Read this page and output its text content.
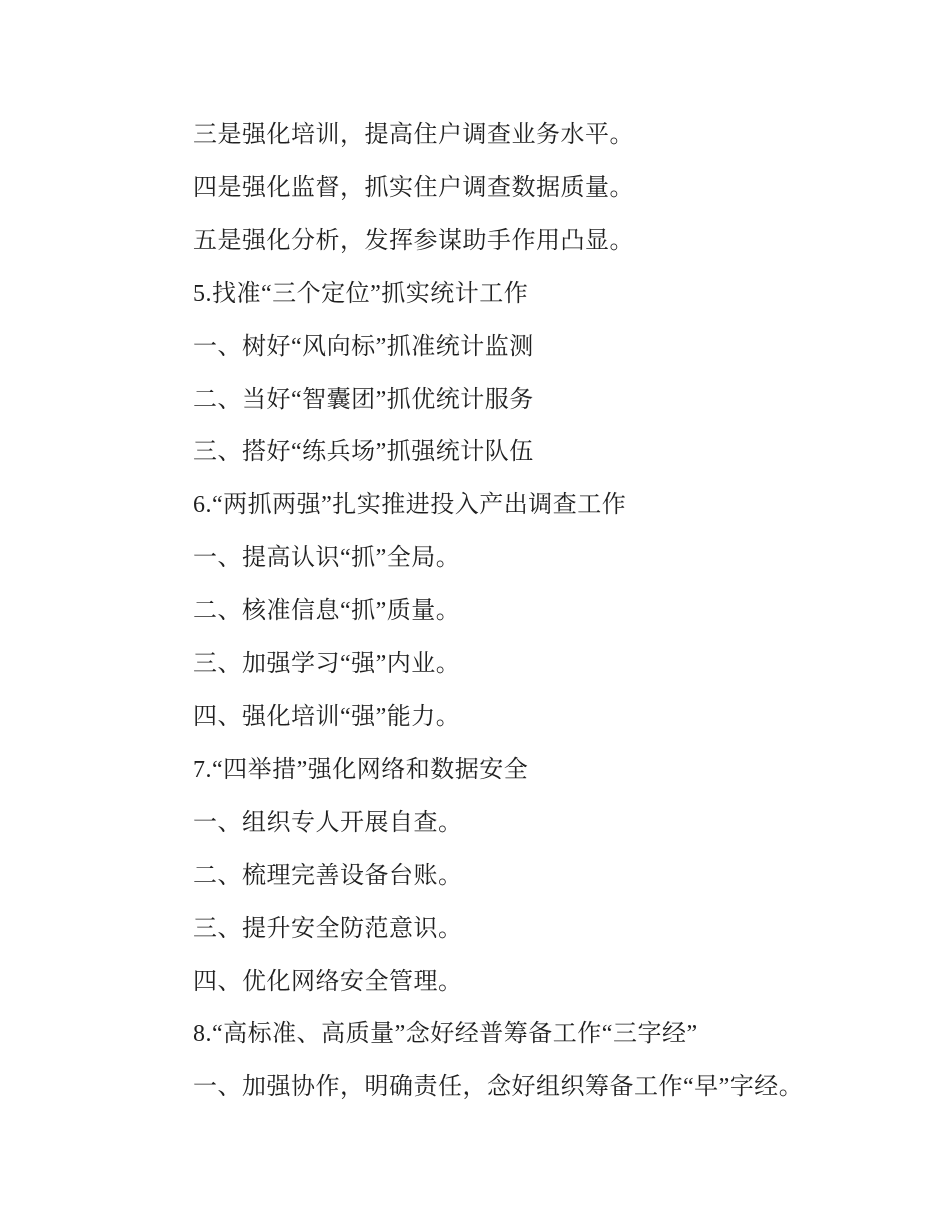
三是强化培训，提高住户调查业务水平。

四是强化监督，抓实住户调查数据质量。

五是强化分析，发挥参谋助手作用凸显。

5.找准“三个定位”抓实统计工作

一、树好“风向标”抓准统计监测

二、当好“智囊团”抓优统计服务

三、搭好“练兵场”抓强统计队伍

6.“两抓两强”扎实推进投入产出调查工作

一、提高认识“抓”全局。

二、核准信息“抓”质量。

三、加强学习“强”内业。

四、强化培训“强”能力。

7.“四举措”强化网络和数据安全

一、组织专人开展自查。

二、梳理完善设备台账。

三、提升安全防范意识。

四、优化网络安全管理。

8.“高标准、高质量”念好经普筹备工作“三字经”

一、加强协作，明确责任，念好组织筹备工作“早”字经。
